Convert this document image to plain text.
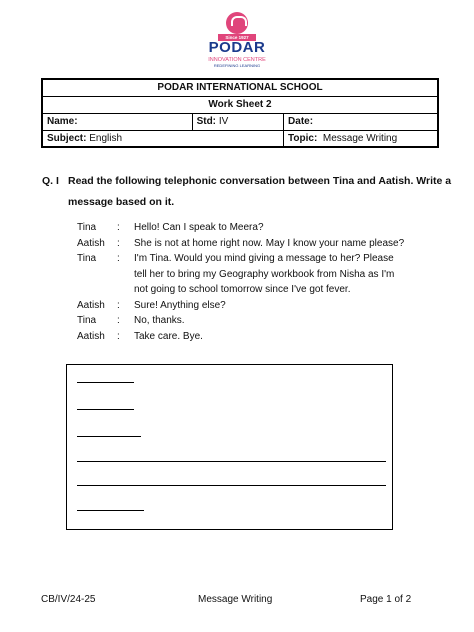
Since 1927
PODAR
INNOVATION CENTRE
REDEFINING LEARNING
PODAR INTERNATIONAL SCHOOL		
Work Sheet 2		
Name:	Std: IV	Date:
Subject: English		Topic: Message Writing
Q. I Read the following telephonic conversation between Tina and Aatish. Write a
message based on it.
Tina : Hello! Can I speak to Meera?
Aatish : She is not at home right now. May I know your name please?
Tina : I'm Tina. Would you mind giving a message to her? Please
tell her to bring my Geography workbook from Nisha as I'm
not going to school tomorrow since I've got fever.
Aatish : Sure! Anything else?
Tina : No, thanks.
Aatish : Take care. Bye.
CB/IV/24-25	Message Writing	Page 1 of 2
